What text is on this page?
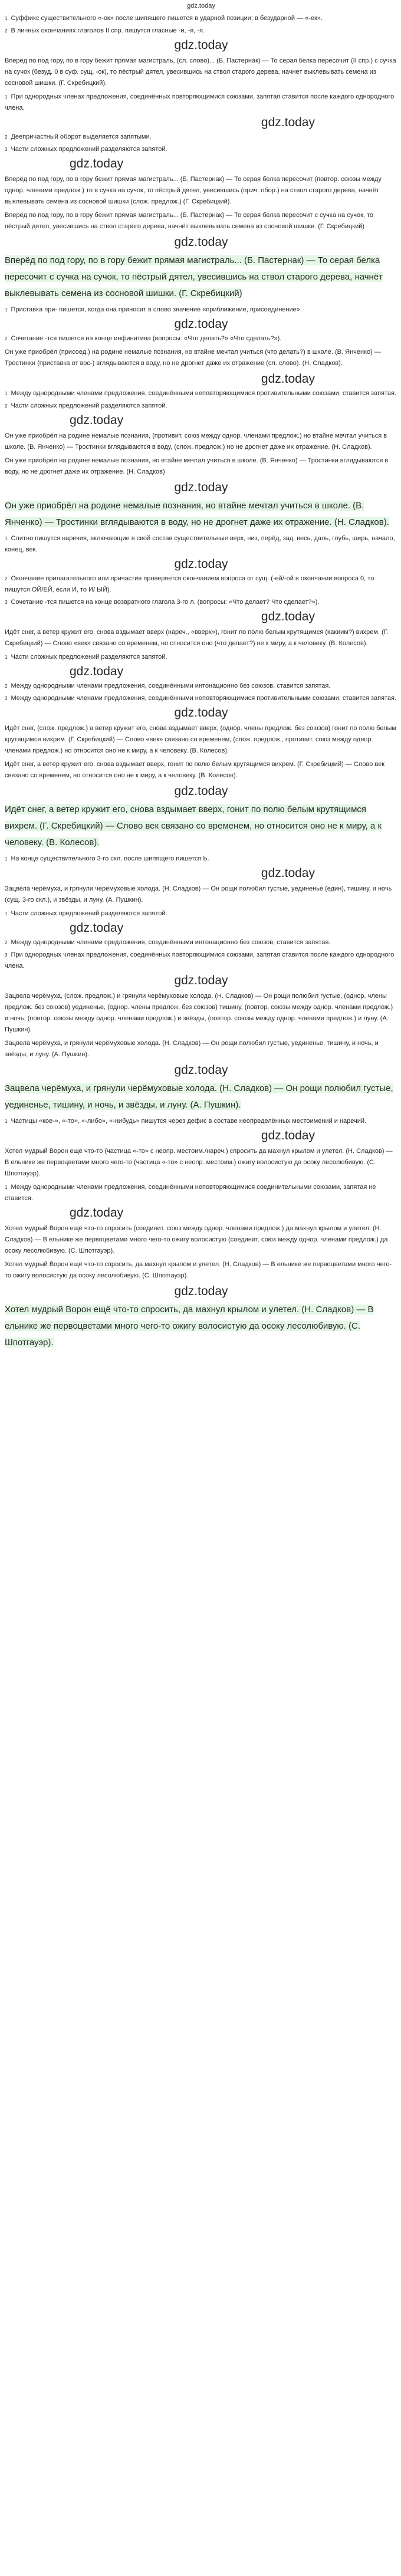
gdz.today

$^1$ Суффикс существительного «-ок» после шипящего пишется в ударной позиции; в безударной — «-ек».

$^2$ В личных окончаниях глаголов II спр. пишутся гласные -и, -я, -я.

gdz.today

Вперёд по под гору, по в гору бежит прямая магистраль, (сл. слово)... (Б. Пастернак) — То серая белка пересочит (II спр.) с сучка на сучок (безуд. 0 в суф. сущ. -ок), то пёстрый дятел, увесившись на ствол старого дерева, начнёт выклевывать семена из сосновой шишки. (Г. Скребицкий).

$^1$ При однородных членах предложения, соединённых повторяющимися союзами, запятая ставится после каждого однородного члена.

gdz.today

$^2$ Деепричастный оборот выделяется запятыми.

$^3$ Части сложных предложений разделяются запятой.

gdz.today

Вперёд по под гору, по в гору бежит прямая магистраль... (Б. Пастернак) — То серая белка пересочит (повтор. союзы между однор. членами предлож.) то в сучка на сучок, то пёстрый дятел, увесившись (прич. обор.) на ствол старого дерева, начнёт выклевывать семена из сосновой шишки (слож. предлож.) (Г. Скребицкий).

Вперёд по под гору, по в гору бежит прямая магистраль... (Б. Пастернак) — То серая белка пересочит с сучка на сучок, то пёстрый дятел, увесившись на ствол старого дерева, начнёт выклевывать семена из сосновой шишки. (Г. Скребицкий)

gdz.today

Вперёд по под гору, по в гору бежит прямая магистраль... (Б. Пастернак) — То серая белка пересочит с сучка на сучок, то пёстрый дятел, увесившись на ствол старого дерева, начнёт выклевывать семена из сосновой шишки. (Г. Скребицкий)

$^1$ Приставка при- пишется, когда она приносит в слово значение «приближение, присоединение».

gdz.today

$^2$ Сочетание -тся пишется на конце инфинитива (вопросы: «Что делать?» «Что сделать?»).

Он уже приобрёл (присоед.) на родине немалые познания, но втайне мечтал учиться (что делать?) в школе. (В. Янченко) — Тростинки (приставка от вос-) вглядываются в воду, но не дрогнет даже их отражение (сл. слово). (Н. Сладков).

gdz.today

$^1$ Между однородными членами предложения, соединёнными неповторяющимися противительными союзами, ставится запятая.

$^2$ Части сложных предложений разделяются запятой.

gdz.today

Он уже приобрёл на родине немалые познания, (противит. союз между однор. членами предлож.) но втайне мечтал учиться в школе. (В. Янченко) — Тростинки вглядываются в воду, (слож. предлож.) но не дрогнет даже их отражение. (Н. Сладков).

Он уже приобрёл на родине немалые познания, но втайне мечтал учиться в школе. (В. Янченко) — Тростинки вглядываются в воду, но не дрогнет даже их отражение. (Н. Сладков)

gdz.today

Он уже приобрёл на родине немалые познания, но втайне мечтал учиться в школе. (В. Янченко) — Тростинки вглядываются в воду, но не дрогнет даже их отражение. (Н. Сладков).

$^1$ Слитно пишутся наречия, включающие в свой состав существительные верх, низ, перёд, зад, весь, даль, глубь, ширь, начало, конец, век.

gdz.today

$^2$ Окончание прилагательного или причастия проверяется окончанием вопроса от сущ. (-ей/-ой в окончании вопроса 0, то пишутся ОЙ/ЕЙ, если И, то И/ ЫЙ).

$^3$ Сочетание -тся пишется на конце возвратного глагола 3-го л. (вопросы: «Что делает? Что сделает?»).

gdz.today

Идёт снег, а ветер кружит его, снова вздымает вверх (нареч., «вверх»), гонит по полю белым крутящимся (какиим?) вихрем. (Г. Скребицкий) — Слово «век» связано со временем, но относится оно (что делает?) не к миру, а к человеку. (В. Колесов).

$^1$ Части сложных предложений разделяются запятой.

gdz.today

$^2$ Между однородными членами предложения, соединёнными интонационно без союзов, ставится запятая.

$^3$ Между однородными членами предложения, соединёнными неповторяющимися противительными союзами, ставится запятая.

gdz.today

Идёт снег, (слож. предлож.) а ветер кружит его, снова вздымает вверх, (однор. члены предлож. без союзов) гонит по полю белым крутящимся вихрем. (Г. Скребицкий) — Слово «век» связано со временем, (слож. предлож., противит. союз между однор. членами предлож.) но относится оно не к миру, а к человеку. (В. Колесов).

Идёт снег, а ветер кружит его, снова вздымает вверх, гонит по полю белым крутящимся вихрем. (Г. Скребицкий) — Слово век связано со временем, но относится оно не к миру, а к человеку. (В. Колесов).

gdz.today

Идёт снег, а ветер кружит его, снова вздымает вверх, гонит по полю белым крутящимся вихрем. (Г. Скребицкий) — Слово век связано со временем, но относится оно не к миру, а к человеку. (В. Колесов).

$^1$ На конце существительного 3-го скл. после шипящего пишется Ь.

gdz.today

Зацвела черёмуха, и грянули черёмуховые холода. (Н. Сладков) — Он рощи полюбил густые, уединенье (един), тишину, и ночь (сущ. 3-го скл.), и звёзды, и луну. (А. Пушкин).

$^1$ Части сложных предложений разделяются запятой.

gdz.today

$^2$ Между однородными членами предложения, соединёнными интонационно без союзов, ставится запятая.

$^3$ При однородных членах предложения, соединённых повторяющимися союзами, запятая ставится после каждого однородного члена.

gdz.today

Зацвела черёмуха, (слож. предлож.) и грянули черёмуховые холода. (Н. Сладков) — Он рощи полюбил густые, (однор. члены предлож. без союзов) уединенье, (однор. члены предлож. без союзов) тишину, (повтор. союзы между однор. членами предлож.) и ночь, (повтор. союзы между однор. членами предлож.) и звёзды, (повтор. союзы между однор. членами предлож.) и луну. (А. Пушкин).

Зацвела черёмуха, и грянули черёмуховые холода. (Н. Сладков) — Он рощи полюбил густые, уединенье, тишину, и ночь, и звёзды, и луну. (А. Пушкин).

gdz.today

Зацвела черёмуха, и грянули черёмуховые холода. (Н. Сладков) — Он рощи полюбил густые, уединенье, тишину, и ночь, и звёзды, и луну. (А. Пушкин).

$^1$ Частицы «кое-», «-то», «-либо», «-нибудь» пишутся через дефис в составе неопределённых местоимений и наречий.

gdz.today

Хотел мудрый Ворон ещё что-то (частица «-то» с неопр. местоим./нареч.) спросить да махнул крылом и улетел. (Н. Сладков) — В ельнике же первоцветами много чего-то (частица «-то» с неопр. местоим.) ожигу волосистую да осоку лесолюбивую. (С. Шпотгауэр).

$^1$ Между однородными членами предложения, соединёнными неповторяющимися соединительными союзами, запятая не ставится.

gdz.today

Хотел мудрый Ворон ещё что-то спросить (соединит. союз между однор. членами предлож.) да махнул крылом и улетел. (Н. Сладков) — В ельнике же первоцветами много чего-то ожигу волосистую (соединит. союз между однор. членами предлож.) да осоку лесолюбивую. (С. Шпотгауэр).

Хотел мудрый Ворон ещё что-то спросить, да махнул крылом и улетел. (Н. Сладков) — В ельнике же первоцветами много чего-то ожигу волосистую да осоку лесолюбивую. (С. Шпотгауэр).

gdz.today

Хотел мудрый Ворон ещё что-то спросить, да махнул крылом и улетел. (Н. Сладков) — В ельнике же первоцветами много чего-то ожигу волосистую да осоку лесолюбивую. (С. Шпотгауэр).
